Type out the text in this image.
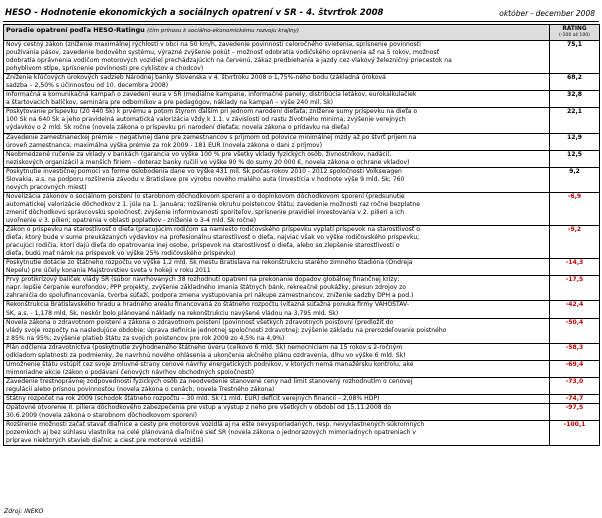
HESO - Hodnotenie ekonomických a sociálnych opatrení v SR - 4. štvrťrok 2008	október - december 2008
Poradie opatrení podľa HESO-Ratingu (čím prínosu k sociálno-ekonomickému rozvoju krajiny)	RATING
(-100 až 100)

Nový cestný zákon (zníženie maximálnej rýchlosti v obci na 50 km/h, zavedenie povinnosti celoročného svietenia, sprísnenie povinnosti
používania pásov, zavedenie bodového systému, výrazné zvýšenie pokút – možnosť odobratia vodičského oprávnenia až na 5 rokov, možnosť
odobratia oprávnenia vodičom motorových vozidiel prechádzajúcich na červenú, zákaz predbiehania a jazdy cez vlakový železničný priecestok na
pohyblivom stĺpe, sprísnenie povinnosti pre cyklistov a chodcov)	75,1

Zníženie kľúčových úrokových sadzieb Národnej banky Slovenska v 4. štvrťroku 2008 o 1,75%-ného bodu (základná úroková
sadzba – 2,50% s účinnosťou od 10. decembra 2008)	68,2

Informačná a komunikačná kampaň o zavedení eura v SR (mediálne kampane, informačné panely, distribúcia letákov, eurokalkulačiek
a štartovacích balíčkov, seminára pre odborníkov a pre pedagógov, náklady na kampaň – výše 240 mil. Sk)	32,8

Poskytovanie príspevku (20 440 Sk) k prvému a potom štyrom ďalším pri jednom narodení dieťaťa; zníženie sumy príspevku na dieťa o
100 Sk na 640 Sk a jeho pravidelná automatická valorizácia vždy k 1.1. v závislosti od rastu životného minima; zvýšenie verejných
výdavkov o 2 mld. Sk ročne (novela zákona o príspevku pri narodení dieťaťa; novela zákona o prídavku na dieťa)	22,1

Zavedenie zamestnaneckej prémie – negatívnej dane pre zamestnancov s príjmom od polovice minimálnej mzdy až po štvrť príjem na
úroveň zamestnanca; maximálna výška prémie za rok 2009 - 181 EUR (novela zákona o dani z príjmov)	12,9

Neobmedzené ručenie za vklady v bankách (garancia vo výške 100 % pre všetky vklady fyzických osôb, živnostníkov, nadácií,
neziskových organizácií a menších firiem – doteraz banky ručili vo výške 90 % do sumy 20 000 €, novela zákona o ochrane vkladov)	12,5

Poskytnutie investičnej pomoci vo forme oslobodenia dane vo výške 431 mil. Sk počas rokov 2010 - 2012 spoločnosti Volkswagen
Slovakia, a.s. na podporu rozšírenia závodu v Bratislave pre výrobu nového malého auta (investícia v hodnote výše 9 mld. Sk; 760
nových pracovných miest)	9,2

Novelizácia zákonov o sociálnom poistení (o starobnom dôchodkovom sporení a o doplnkovom dôchodkovom sporení (predsunutie
automatickej valorizácie dôchodkov z 1. júla na 1. januára; rozšírenie okruhu poistencov štátu; zavedenie možnosti raz ročne bezplatne
zmeniť dôchodkovú správcovskú spoločnosť; zvýšenie informovanosti sporiteľov, sprísnenie pravidiel investovania v 2. pilieri a ich
uvoľnenie v 3. pilieri; opatrenia v oblasti poplatkov - zníženie o 3-4 mld. Sk ročne)	-6,9

Zákon o príspevku na starostlivosť o dieťa (pracujúcim rodičom sa namiesto rodičovského príspevku vyplatí príspevok na starostlivosť o
dieťa, ktorý bude v sume preukázaných výdavkov na profesionálnu starostlivosť o dieťa, najviac však vo výške rodičovského príspevku;
pracujúci rodičia, ktorí dajú dieťa do opatrovania inej osobe, príspevok na starostlivosť o dieťa, alebo so zlepšenie starostlivosti o
dieťa, budú mať nárok na príspevok vo výške 25% rodičovského príspevku)	-9,2

Poskytnutie dotácie zo štátneho rozpočtu vo výške 1,2 mld. Sk mestu Bratislava na rekonštrukciu starého zimného štadióna (Ondreja
Nepelu) pre účely konania Majstrovstiev sveta v hokeji v roku 2011	-14,3

Prvý protikrízový balíček vlády SR (súbor navrhovaných 38 rozhodnutí opatrení na prekonanie dopadov globálnej finančnej krízy;
napr. lepšie čerpanie eurofondov, PPP projekty, zvýšenie základného imania štátnych bánk, rekreačné poukážky, presun zdrojov zo
zahraničia do spolufinancovania, tvorba súťaží, podpora zmena vystupovania pri nákupe zamestnancov, zníženie sadzby DPH a pod.)	-17,5

Rekonštrukcia Bratislavského hradu a hradného areálu financovaná zo štátneho rozpočtu (víťazná súťažná ponuka firmy VÁHOSTAV-
SK, a.s. - 1,178 mld. Sk, neskôr bolo plánované náklady na rekonštrukciu navýšené vládou na 3,795 mld. Sk)	-42,4

Novela zákona o zdravotnom poistení a zákona o zdravotnom poistení (povinnosť všetkých zdravotných poisťovní (predložiť do
vlády svoje rozpočty na nasledujúce obdobie; úprava definície jednotnej spoločnosti zdravotnej; zvýšenie základu na prerozdeľovanie poistného
z 85% na 95%; zvýšenie platieb štátu za svojich poistencov pre rok 2009 zo 4,5% na 4,9%)	-50,4

Plán odčlenia zdravotníctva (poskytnutie zvýhodneného štátneho úveru (celkovo 6 mld. Sk) nemocniciam na 15 rokov s 2-ročným
odkladom splatnosti za podmienky, že navrhnú nového ohlásenia a ukončenia akčného plánu ozdravenia, dlhu vo výške 6 mld. Sk)	-58,3

Umožnenie štátu vstúpiť cez svoje zmluvné strany cenové návrhy energetických podnikov, v ktorých nemá manažérsku kontrolu, aké
mimoriadne akcie (zákon o podávaní čenových návrhov obchodných spoločností)	-69,4

Zavedenie trestnoprávnej zodpovednosti fyzických osôb za neodvedenie stanovené ceny nad limit stanovený rozhodnutím o cenovej
regulácii alebo prísnou povinnosťou (novela zákona o cenách; novela Trestného zákona)	-73,0

Štátny rozpočet na rok 2009 (schodok štátneho rozpočtu – 30 mld. Sk (1 mld. EUR) deficit verejných financií – 2,08% HDP)	-74,7

Opätovné otvorenie II. piliera dôchodkového zabezpečenia pre vstup a výstup z neho pre všetkých v období od 15.11.2008 do
30.6.2009 (novela zákona o starobnom dôchodkovom sporení)	-97,5

Rozšírenie možnosti začať stavať diaľnice a cesty pre motorové vozidlá aj na ešte nevysporiadaných, resp. nevyvlastnených súkromných
pozemkoch aj bez súhlasu vlastníka na celé plánovaná diaľničné sieť SR (novela zákona o jednorazových mimoriadnych opatreniach v
príprave niektorých stavieb diaľnic a ciest pre motorové vozidlá)	-100,1
Zdroj: INEKO
